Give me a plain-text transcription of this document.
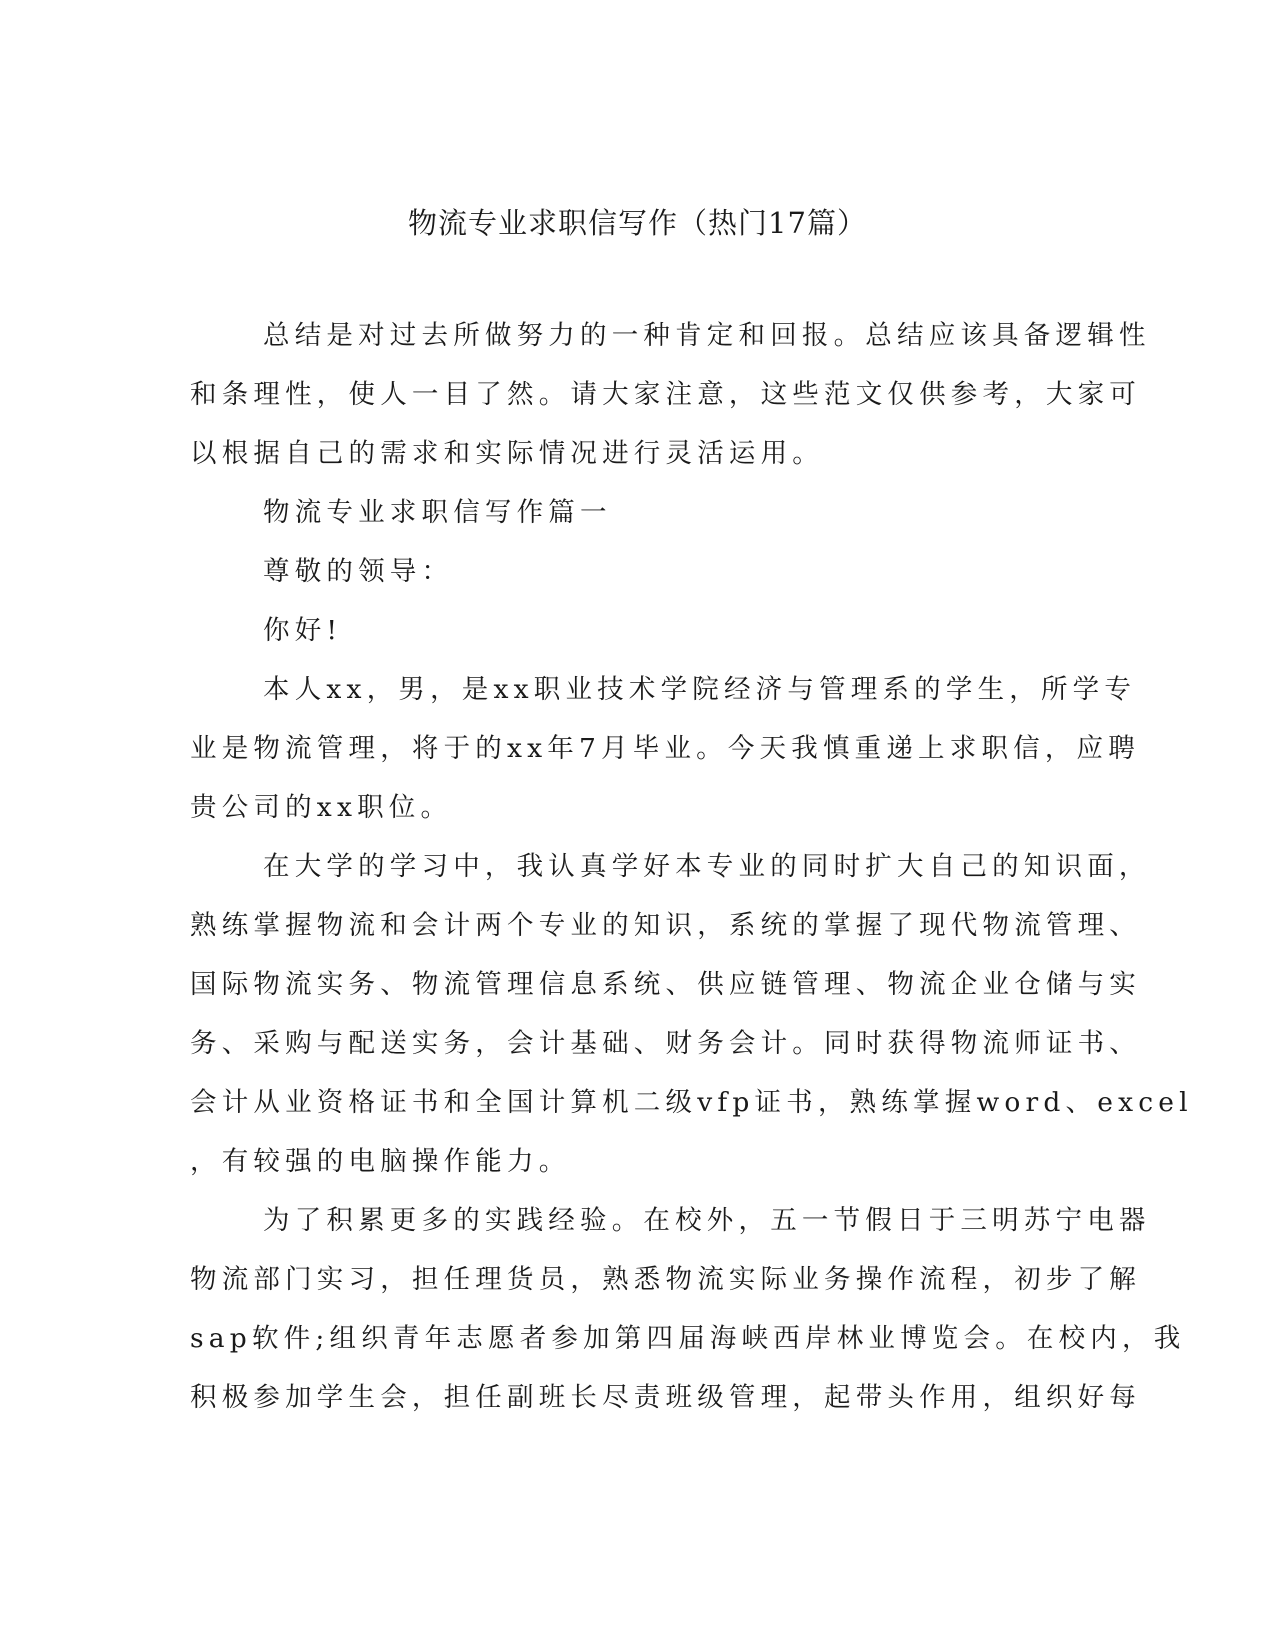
物流专业求职信写作（热门17篇）

总结是对过去所做努力的一种肯定和回报。总结应该具备逻辑性

和条理性，使人一目了然。请大家注意，这些范文仅供参考，大家可

以根据自己的需求和实际情况进行灵活运用。

物流专业求职信写作篇一

尊敬的领导：

你好!

本人xx，男，是xx职业技术学院经济与管理系的学生，所学专

业是物流管理，将于的xx年7月毕业。今天我慎重递上求职信，应聘

贵公司的xx职位。

在大学的学习中，我认真学好本专业的同时扩大自己的知识面，

熟练掌握物流和会计两个专业的知识，系统的掌握了现代物流管理、

国际物流实务、物流管理信息系统、供应链管理、物流企业仓储与实

务、采购与配送实务，会计基础、财务会计。同时获得物流师证书、

会计从业资格证书和全国计算机二级vfp证书，熟练掌握word、excel

，有较强的电脑操作能力。

为了积累更多的实践经验。在校外，五一节假日于三明苏宁电器

物流部门实习，担任理货员，熟悉物流实际业务操作流程，初步了解

sap软件;组织青年志愿者参加第四届海峡西岸林业博览会。在校内，我

积极参加学生会，担任副班长尽责班级管理，起带头作用，组织好每
